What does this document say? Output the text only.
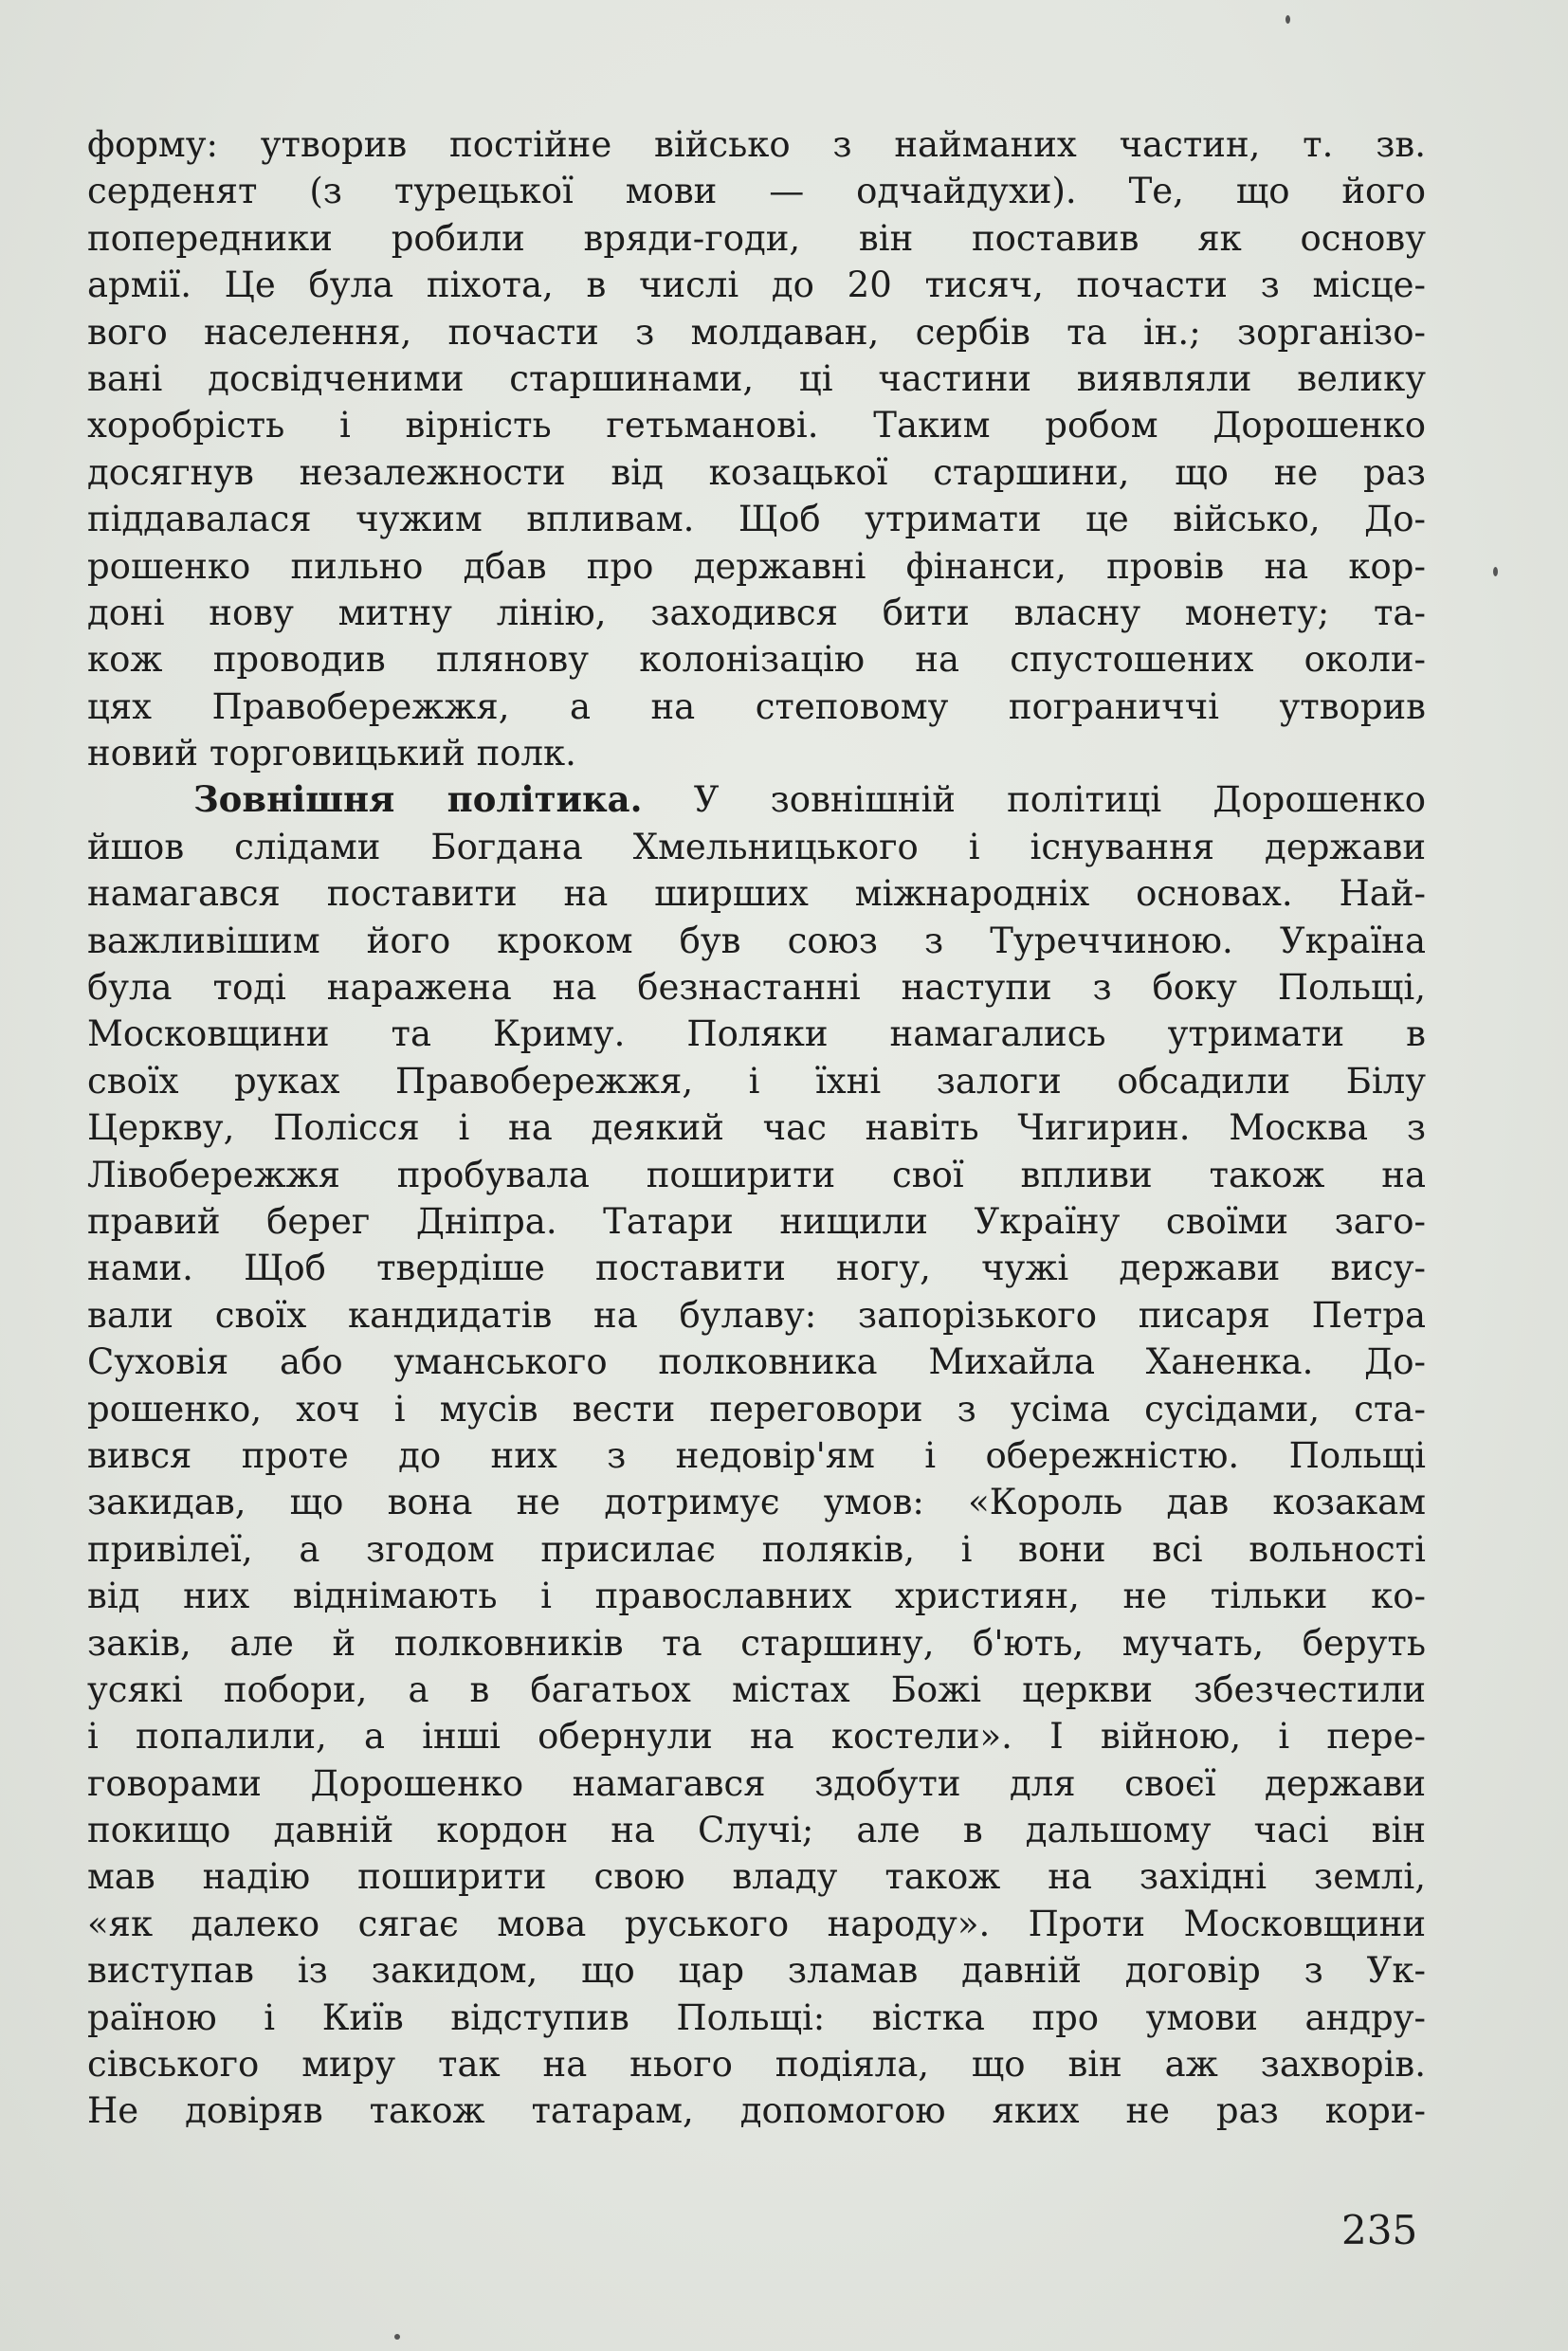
форму: утворив постійне військо з найманих частин, т. зв.
серденят (з турецької мови — одчайдухи). Те, що його
попередники робили вряди-годи, він поставив як основу
армії. Це була піхота, в числі до 20 тисяч, почасти з місце-
вого населення, почасти з молдаван, сербів та ін.; зорганізо-
вані досвідченими старшинами, ці частини виявляли велику
хоробрість і вірність гетьманові. Таким робом Дорошенко
досягнув незалежности від козацької старшини, що не раз
піддавалася чужим впливам. Щоб утримати це військо, До-
рошенко пильно дбав про державні фінанси, провів на кор-
доні нову митну лінію, заходився бити власну монету; та-
кож проводив плянову колонізацію на спустошених околи-
цях Правобережжя, а на степовому пограниччі утворив
новий торговицький полк.
Зовнішня політика. У зовнішній політиці Дорошенко
йшов слідами Богдана Хмельницького і існування держави
намагався поставити на ширших міжнародніх основах. Най-
важливішим його кроком був союз з Туреччиною. Україна
була тоді наражена на безнастанні наступи з боку Польщі,
Московщини та Криму. Поляки намагались утримати в
своїх руках Правобережжя, і їхні залоги обсадили Білу
Церкву, Полісся і на деякий час навіть Чигирин. Москва з
Лівобережжя пробувала поширити свої впливи також на
правий берег Дніпра. Татари нищили Україну своїми заго-
нами. Щоб твердіше поставити ногу, чужі держави вису-
вали своїх кандидатів на булаву: запорізького писаря Петра
Суховія або уманського полковника Михайла Ханенка. До-
рошенко, хоч і мусів вести переговори з усіма сусідами, ста-
вився проте до них з недовір'ям і обережністю. Польщі
закидав, що вона не дотримує умов: «Король дав козакам
привілеї, а згодом присилає поляків, і вони всі вольності
від них віднімають і православних християн, не тільки ко-
заків, але й полковників та старшину, б'ють, мучать, беруть
усякі побори, а в багатьох містах Божі церкви збезчестили
і попалили, а інші обернули на костели». І війною, і пере-
говорами Дорошенко намагався здобути для своєї держави
покищо давній кордон на Случі; але в дальшому часі він
мав надію поширити свою владу також на західні землі,
«як далеко сягає мова руського народу». Проти Московщини
виступав із закидом, що цар зламав давній договір з Ук-
раїною і Київ відступив Польщі: вістка про умови андру-
сівського миру так на нього подіяла, що він аж захворів.
Не довіряв також татарам, допомогою яких не раз кори-
235
